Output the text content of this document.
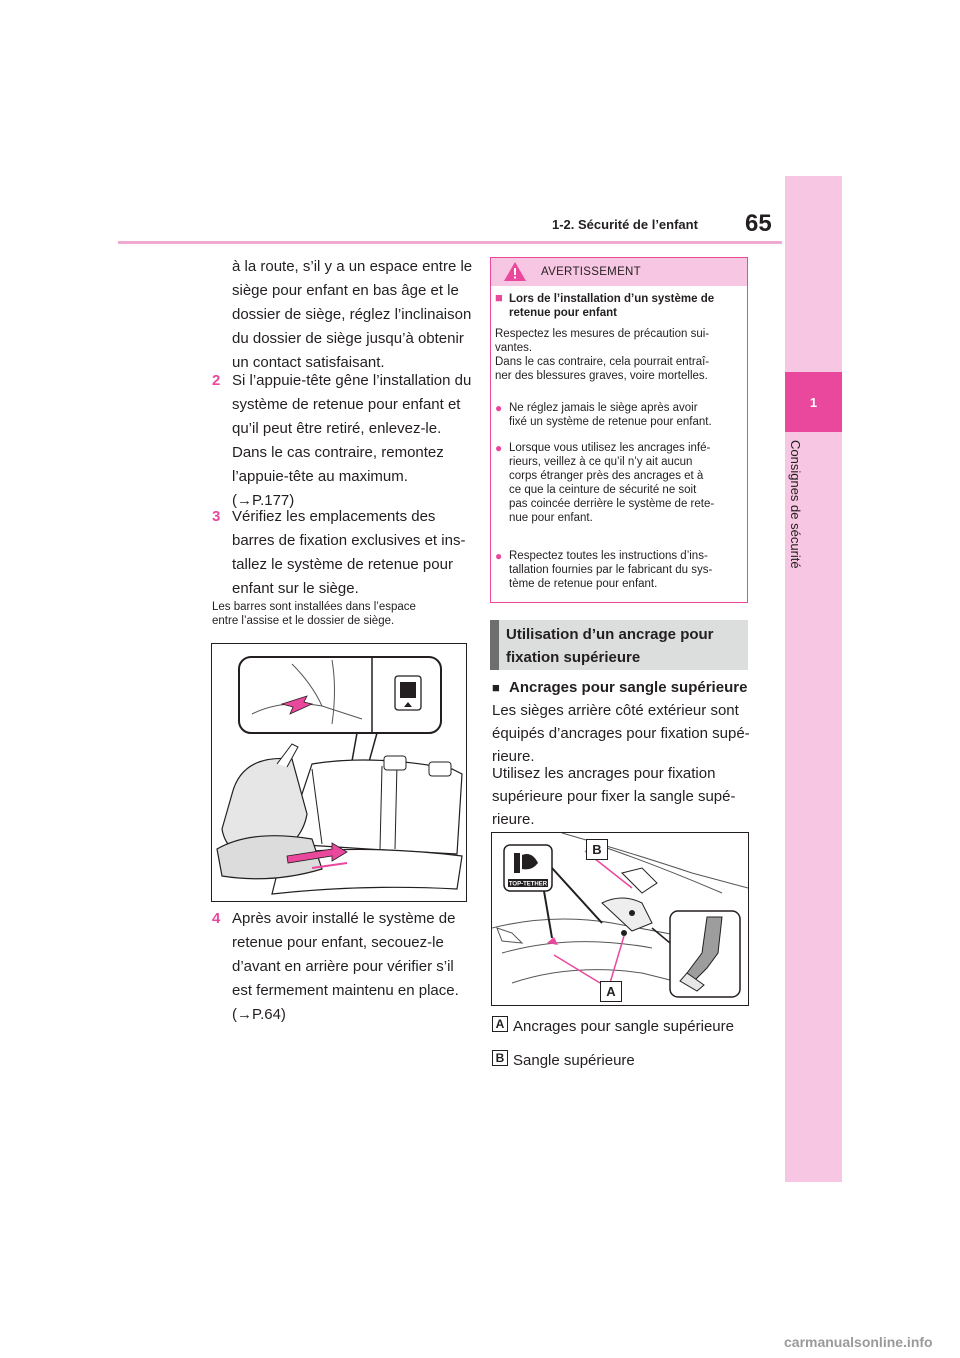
1-2. Sécurité de l’enfant 65
1
Consignes de sécurité
à la route, s’il y a un espace entre le
siège pour enfant en bas âge et le
dossier de siège, réglez l’inclinaison
du dossier de siège jusqu’à obtenir
un contact satisfaisant.
2 Si l’appuie-tête gêne l’installation du
système de retenue pour enfant et
qu’il peut être retiré, enlevez-le.
Dans le cas contraire, remontez
l’appuie-tête au maximum.
(→P.177)
3 Vérifiez les emplacements des
barres de fixation exclusives et ins-
tallez le système de retenue pour
enfant sur le siège.
Les barres sont installées dans l’espace
entre l’assise et le dossier de siège.
4 Après avoir installé le système de
retenue pour enfant, secouez-le
d’avant en arrière pour vérifier s’il
est fermement maintenu en place.
(→P.64)
AVERTISSEMENT
■ Lors de l’installation d’un système de
retenue pour enfant
Respectez les mesures de précaution sui-
vantes.
Dans le cas contraire, cela pourrait entraî-
ner des blessures graves, voire mortelles.
● Ne réglez jamais le siège après avoir
fixé un système de retenue pour enfant.
● Lorsque vous utilisez les ancrages infé-
rieurs, veillez à ce qu’il n’y ait aucun
corps étranger près des ancrages et à
ce que la ceinture de sécurité ne soit
pas coincée derrière le système de rete-
nue pour enfant.
● Respectez toutes les instructions d’ins-
tallation fournies par le fabricant du sys-
tème de retenue pour enfant.
Utilisation d’un ancrage pour
fixation supérieure
■ Ancrages pour sangle supérieure
Les sièges arrière côté extérieur sont
équipés d’ancrages pour fixation supé-
rieure.
Utilisez les ancrages pour fixation
supérieure pour fixer la sangle supé-
rieure.
TOP-TETHER
B
A
A Ancrages pour sangle supérieure
B Sangle supérieure
carmanualsonline.info
